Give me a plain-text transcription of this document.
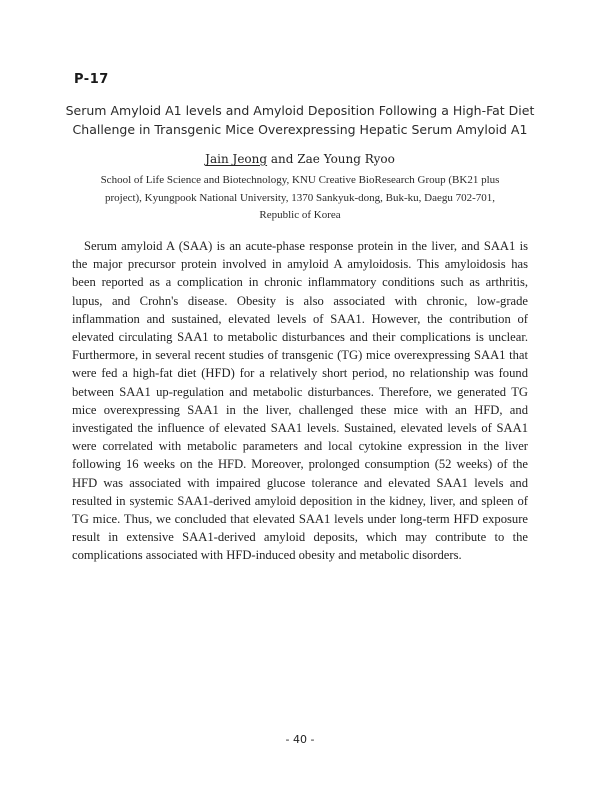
P-17
Serum Amyloid A1 levels and Amyloid Deposition Following a High-Fat Diet
Challenge in Transgenic Mice Overexpressing Hepatic Serum Amyloid A1
Jain Jeong and Zae Young Ryoo
School of Life Science and Biotechnology, KNU Creative BioResearch Group (BK21 plus
project), Kyungpook National University, 1370 Sankyuk-dong, Buk-ku, Daegu 702-701,
Republic of Korea

Serum amyloid A (SAA) is an acute-phase response protein in the liver, and SAA1 is the major precursor protein involved in amyloid A amyloidosis. This amyloidosis has been reported as a complication in chronic inflammatory conditions such as arthritis, lupus, and Crohn's disease. Obesity is also associated with chronic, low-grade inflammation and sustained, elevated levels of SAA1. However, the contribution of elevated circulating SAA1 to metabolic disturbances and their complications is unclear. Furthermore, in several recent studies of transgenic (TG) mice overexpressing SAA1 that were fed a high-fat diet (HFD) for a relatively short period, no relationship was found between SAA1 up-regulation and metabolic disturbances. Therefore, we generated TG mice overexpressing SAA1 in the liver, challenged these mice with an HFD, and investigated the influence of elevated SAA1 levels. Sustained, elevated levels of SAA1 were correlated with metabolic parameters and local cytokine expression in the liver following 16 weeks on the HFD. Moreover, prolonged consumption (52 weeks) of the HFD was associated with impaired glucose tolerance and elevated SAA1 levels and resulted in systemic SAA1-derived amyloid deposition in the kidney, liver, and spleen of TG mice. Thus, we concluded that elevated SAA1 levels under long-term HFD exposure result in extensive SAA1-derived amyloid deposits, which may contribute to the complications associated with HFD-induced obesity and metabolic disorders.

- 40 -
